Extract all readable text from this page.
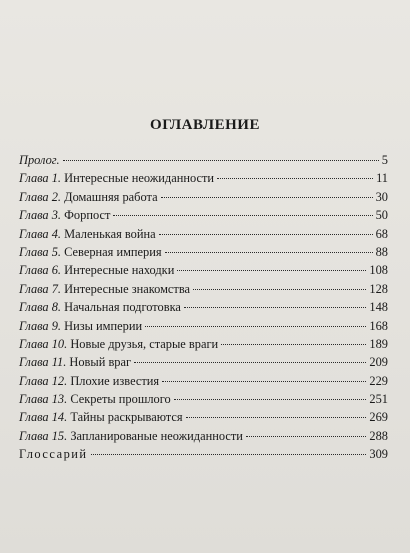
ОГЛАВЛЕНИЕ
Пролог.	5
Глава 1. Интересные неожиданности	11
Глава 2. Домашняя работа	30
Глава 3. Форпост	50
Глава 4. Маленькая война	68
Глава 5. Северная империя	88
Глава 6. Интересные находки	108
Глава 7. Интересные знакомства	128
Глава 8. Начальная подготовка	148
Глава 9. Низы империи	168
Глава 10. Новые друзья, старые враги	189
Глава 11. Новый враг	209
Глава 12. Плохие известия	229
Глава 13. Секреты прошлого	251
Глава 14. Тайны раскрываются	269
Глава 15. Запланированые неожиданности	288
Глоссарий	309
